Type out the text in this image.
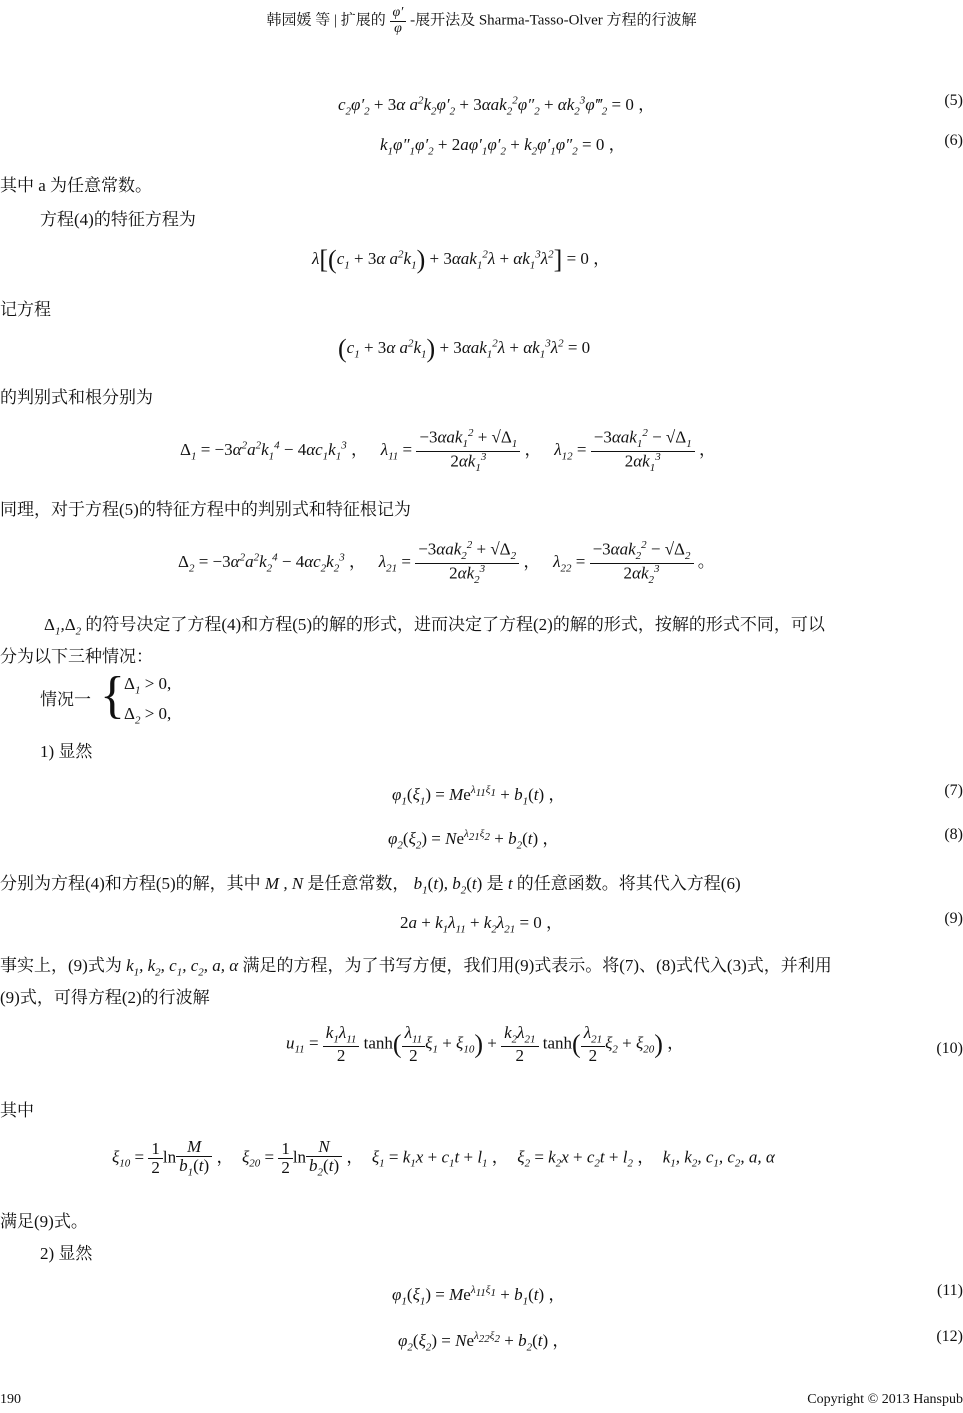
韩园媛 等 | 扩展的 $\frac{\varphi'}{\varphi}$ -展开法及 Sharma-Tasso-Olver 方程的行波解
$c_2\varphi'_2 + 3\alpha$ $a^2k_2\varphi'_2 + 3\alpha ak_2^2\varphi''_2$ + $\alpha k_2^3\varphi‴_2 = 0$ ，	(5)
$k_1\varphi''_1\varphi'_2 + 2a\varphi'_1\varphi'_2 + k_2\varphi'_1\varphi''_2 = 0$ ，	(6)
其中 a 为任意常数。
方程(4)的特征方程为
$\lambda[(c_1 + 3\alpha$ $a^2k_1) + 3\alpha ak_1^2\lambda + \alpha k_1^3\lambda^2] = 0$ ，
记方程
($c_1 + 3\alpha$ $a^2k_1) + 3\alpha ak_1^2\lambda + \alpha k_1^3\lambda^2 = 0$
的判别式和根分别为
$\Delta_1 = -3\alpha^2a^2k_1^4 - 4\alpha c_1k_1^3$ ，   $\lambda_{11} = \frac{-3\alpha ak_1^2 + √\Delta_1}{2\alpha k_1^3}$ ，   $\lambda_{12} = \frac{-3\alpha ak_1^2 - √\Delta_1}{2\alpha k_1^3}$ ，
同理，对于方程(5)的特征方程中的判别式和特征根记为
$\Delta_2 = -3\alpha^2a^2k_2^4 - 4\alpha c_2k_2^3$ ，   $\lambda_{21} = \frac{-3\alpha ak_2^2 + √\Delta_2}{2\alpha k_2^3}$ ，   $\lambda_{22} = \frac{-3\alpha ak_2^2 - √\Delta_2}{2\alpha k_2^3}$ 。
$\Delta_1,\Delta_2$ 的符号决定了方程(4)和方程(5)的解的形式，进而决定了方程(2)的解的形式，按解的形式不同，可以
分为以下三种情况：
情况一 { $\Delta_1 > 0$,
$\Delta_2 > 0$,
1) 显然
$\varphi_1(\xi_1) = Me^{\lambda_{11}\xi_1} + b_1(t)$ ，	(7)
$\varphi_2(\xi_2) = Ne^{\lambda_{21}\xi_2} + b_2(t)$ ，	(8)
分别为方程(4)和方程(5)的解，其中 M , N 是任意常数， $b_1(t)$, $b_2(t)$ 是 t 的任意函数。将其代入方程(6)
$2a + k_1\lambda_{11} + k_2\lambda_{21} = 0$ ，	(9)
事实上，(9)式为 $k_1$, $k_2$, $c_1$, $c_2$, a, α 满足的方程，为了书写方便，我们用(9)式表示。将(7)、(8)式代入(3)式，并利用
(9)式，可得方程(2)的行波解
$u_{11} = \frac{k_1\lambda_{11}}{2} \tanh( \frac{\lambda_{11}}{2} \xi_1 + \xi_{10}) + \frac{k_2\lambda_{21}}{2} \tanh( \frac{\lambda_{21}}{2} \xi_2 + \xi_{20})$ ，	(10)
其中
$\xi_{10} = \frac{1}{2}$ $\ln \frac{M}{b_1(t)}$ ，  $\xi_{20} = \frac{1}{2}$ $\ln \frac{N}{b_2(t)}$ ，  $\xi_1 = k_1x + c_1t + l_1$ ，  $\xi_2 = k_2x + c_2t + l_2$ ，  $k_1$, $k_2$, $c_1$, $c_2$, a, α
满足(9)式。
2) 显然
$\varphi_1(\xi_1) = Me^{\lambda_{11}\xi_1} + b_1(t)$ ，	(11)
$\varphi_2(\xi_2) = Ne^{\lambda_{22}\xi_2} + b_2(t)$ ，	(12)
190	Copyright © 2013 Hanspub
